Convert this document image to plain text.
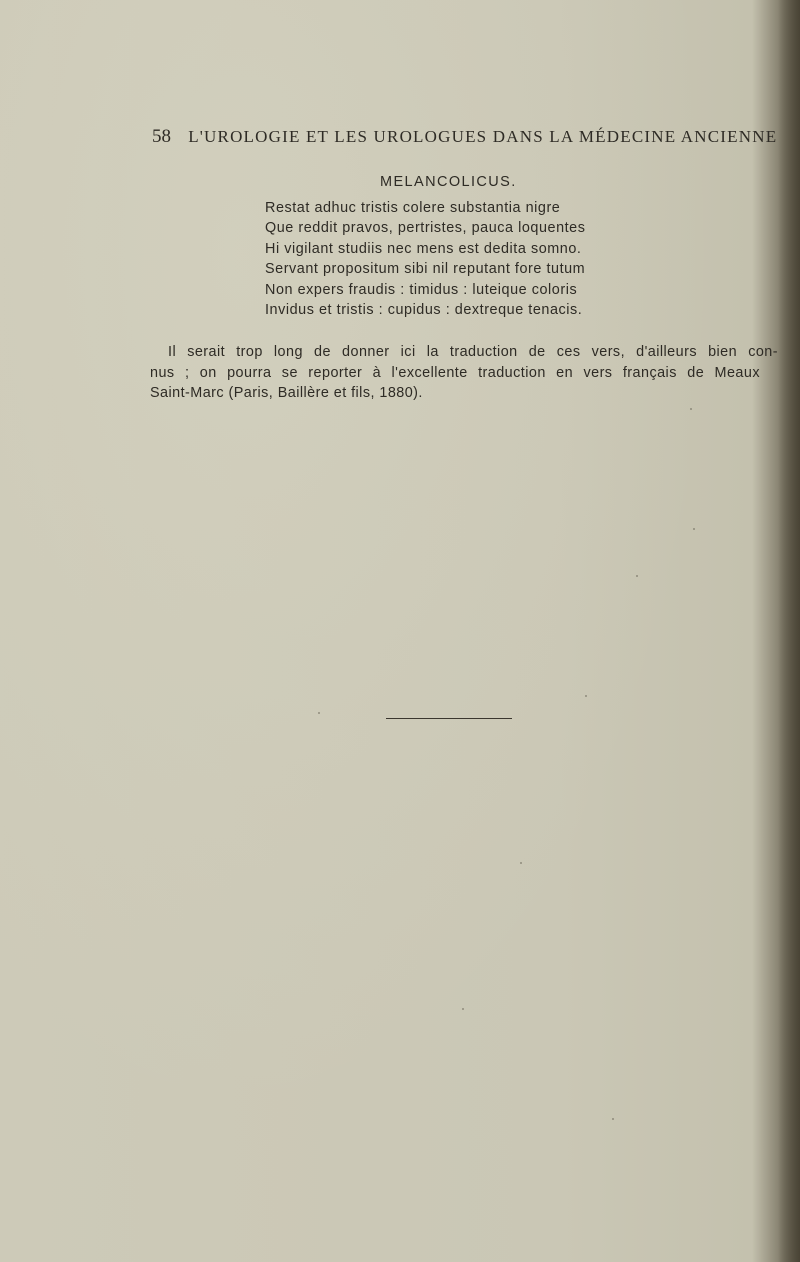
58 L'UROLOGIE ET LES UROLOGUES DANS LA MÉDECINE ANCIENNE
MELANCOLICUS.
Restat adhuc tristis colere substantia nigre
Que reddit pravos, pertristes, pauca loquentes
Hi vigilant studiis nec mens est dedita somno.
Servant propositum sibi nil reputant fore tutum
Non expers fraudis : timidus : luteique coloris
Invidus et tristis : cupidus : dextreque tenacis.
Il serait trop long de donner ici la traduction de ces vers, d'ailleurs bien con-
nus ; on pourra se reporter à l'excellente traduction en vers français de Meaux
Saint-Marc (Paris, Baillère et fils, 1880).
